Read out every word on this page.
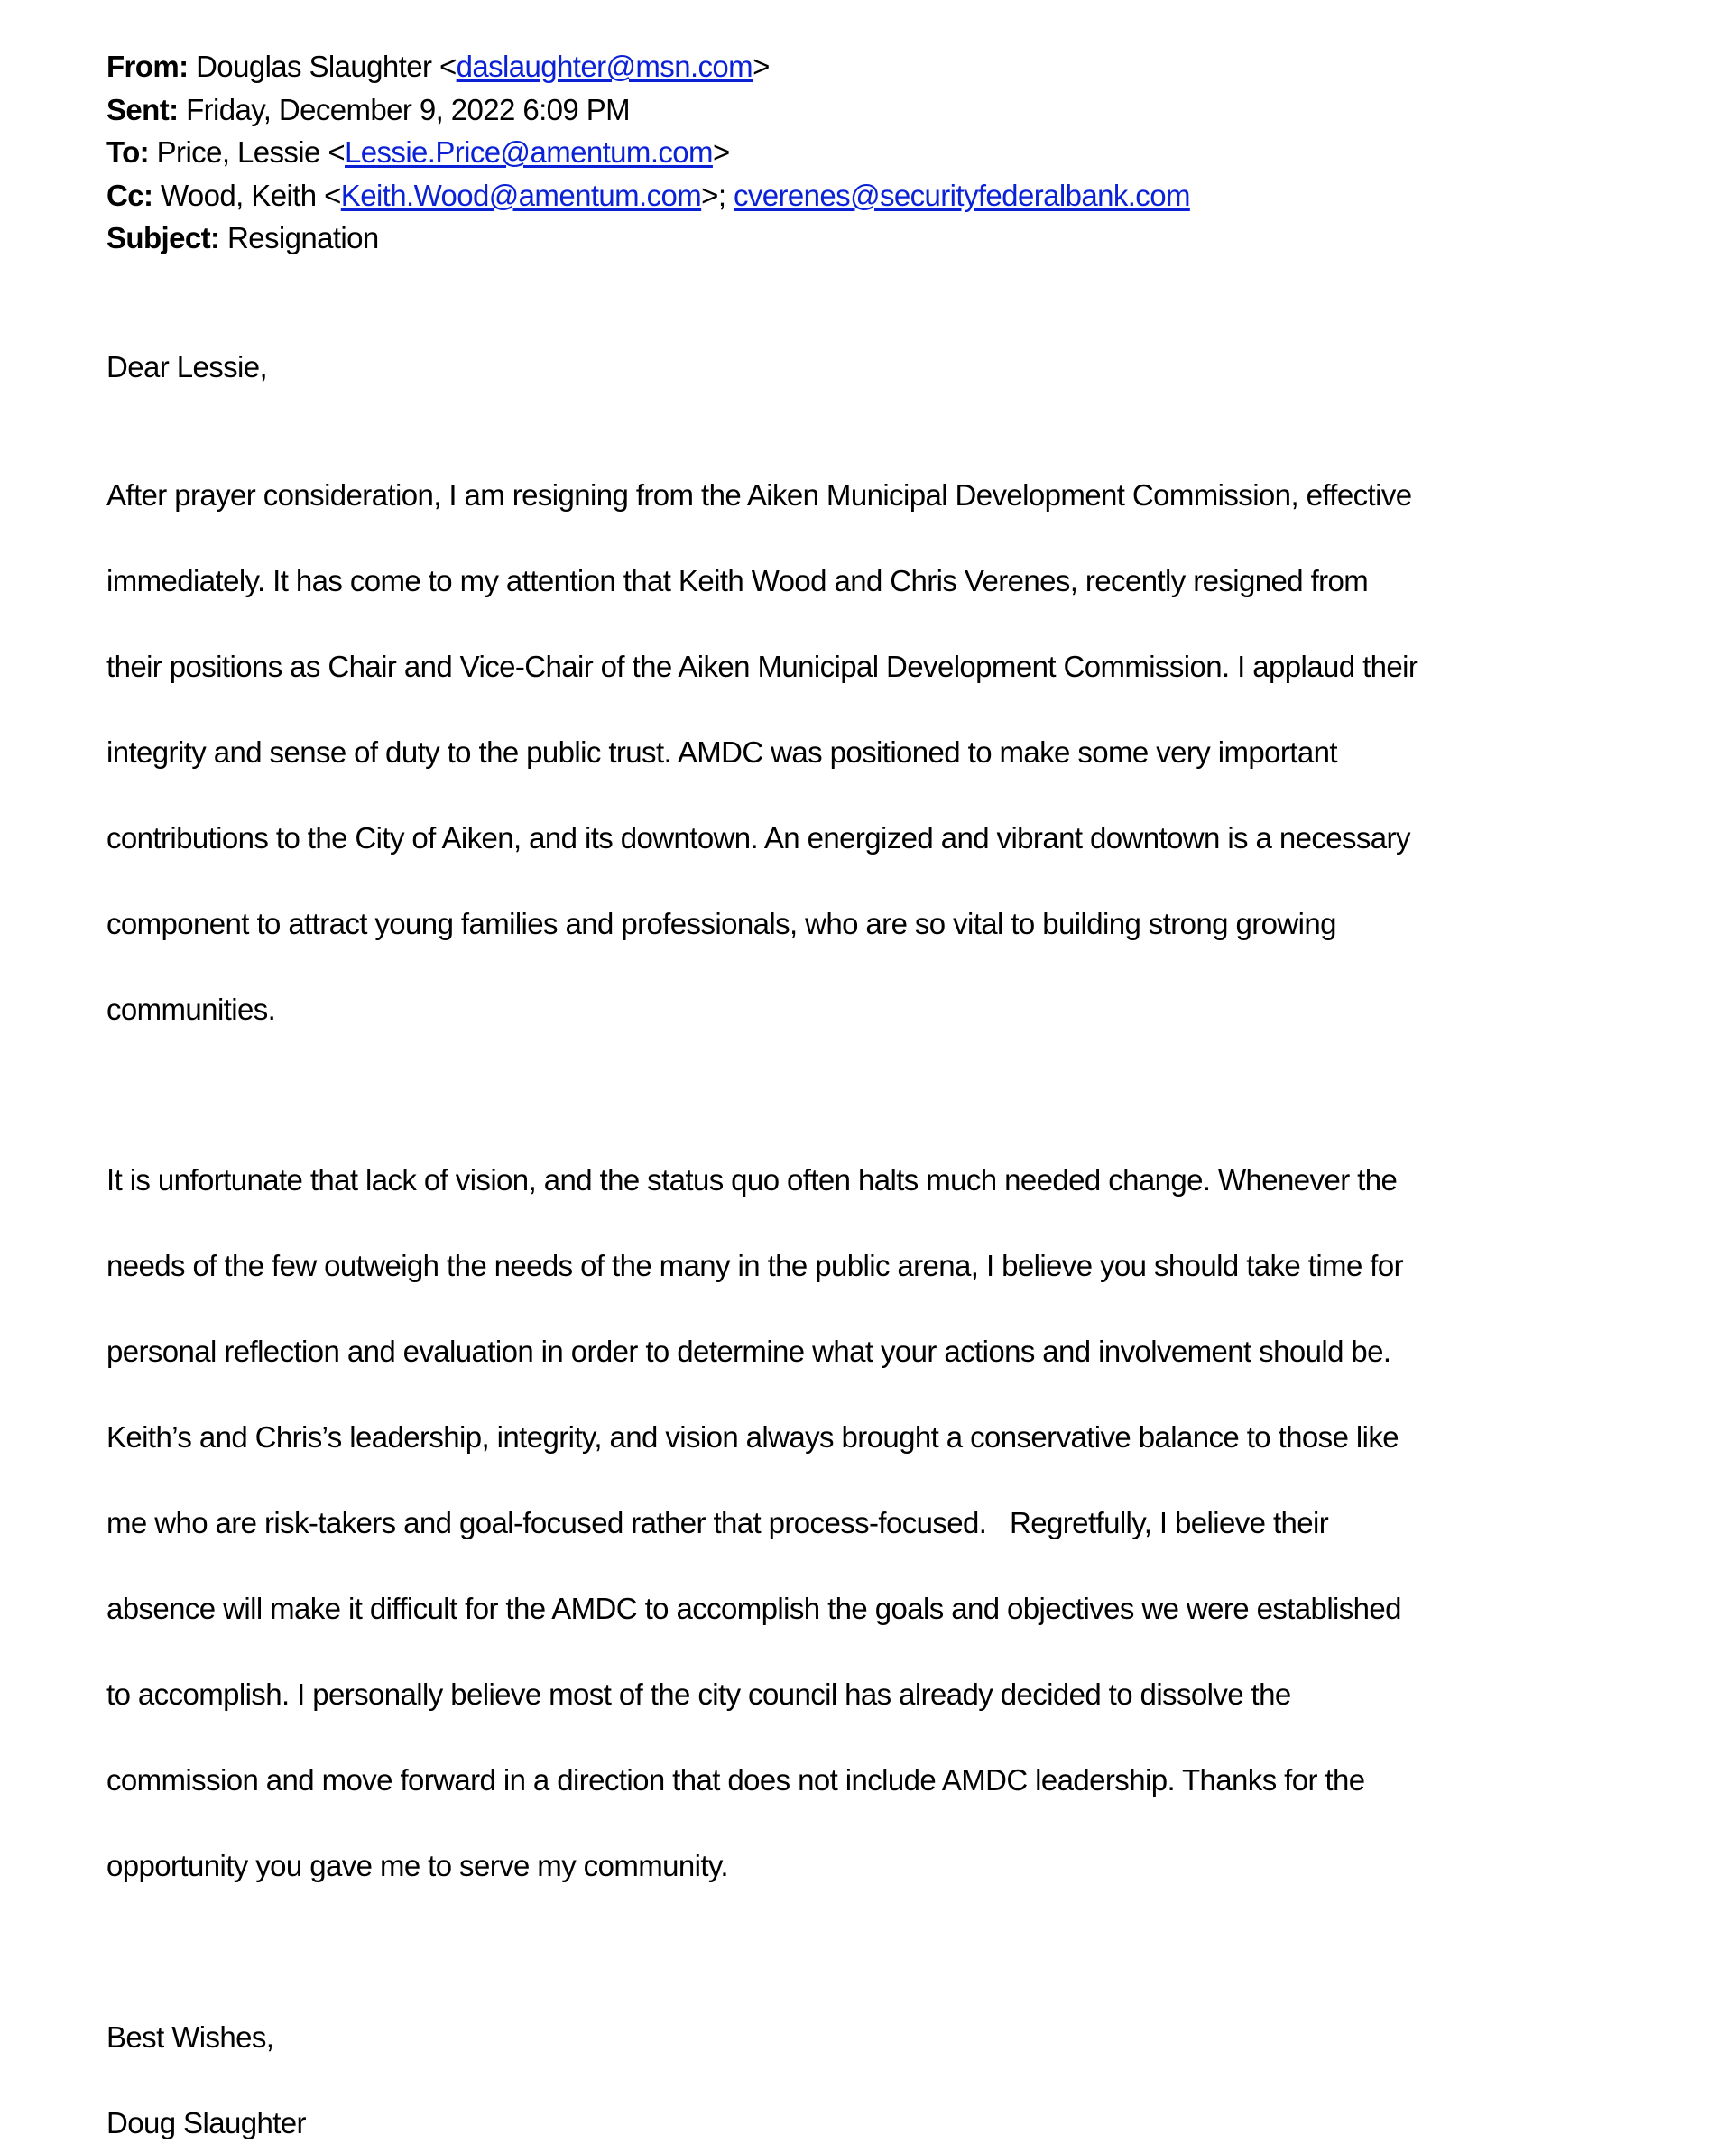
From: Douglas Slaughter <daslaughter@msn.com>
Sent: Friday, December 9, 2022 6:09 PM
To: Price, Lessie <Lessie.Price@amentum.com>
Cc: Wood, Keith <Keith.Wood@amentum.com>; cverenes@securityfederalbank.com
Subject: Resignation
Dear Lessie,

After prayer consideration, I am resigning from the Aiken Municipal Development Commission, effective

immediately. It has come to my attention that Keith Wood and Chris Verenes, recently resigned from

their positions as Chair and Vice-Chair of the Aiken Municipal Development Commission. I applaud their

integrity and sense of duty to the public trust. AMDC was positioned to make some very important

contributions to the City of Aiken, and its downtown. An energized and vibrant downtown is a necessary

component to attract young families and professionals, who are so vital to building strong growing

communities.

It is unfortunate that lack of vision, and the status quo often halts much needed change. Whenever the

needs of the few outweigh the needs of the many in the public arena, I believe you should take time for

personal reflection and evaluation in order to determine what your actions and involvement should be.

Keith’s and Chris’s leadership, integrity, and vision always brought a conservative balance to those like

me who are risk-takers and goal-focused rather that process-focused.   Regretfully, I believe their

absence will make it difficult for the AMDC to accomplish the goals and objectives we were established

to accomplish. I personally believe most of the city council has already decided to dissolve the

commission and move forward in a direction that does not include AMDC leadership. Thanks for the

opportunity you gave me to serve my community.

Best Wishes,
Doug Slaughter
